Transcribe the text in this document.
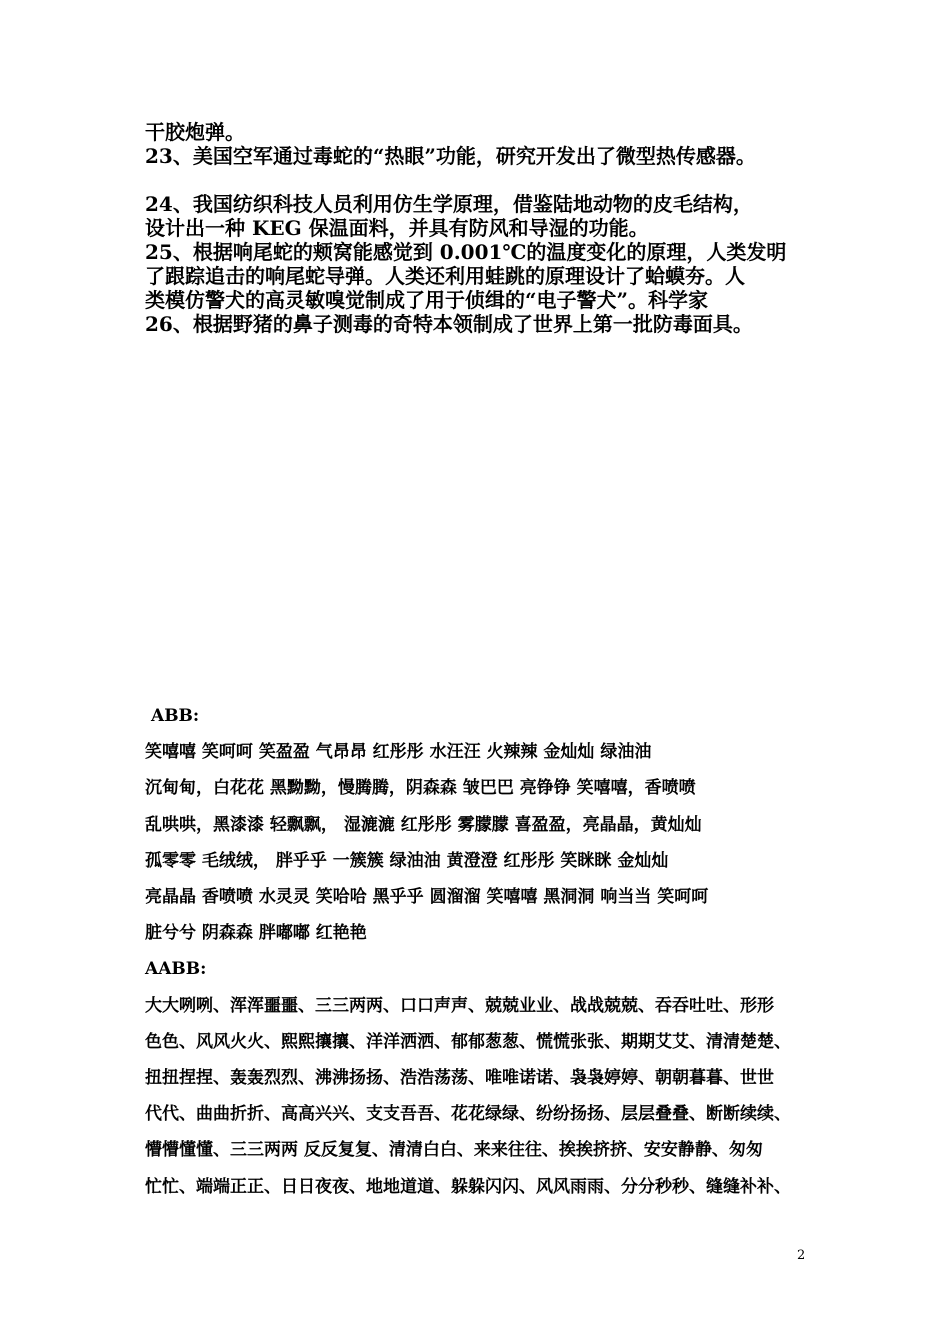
干胶炮弹。

23、美国空军通过毒蛇的“热眼”功能，研究开发出了微型热传感器。

24、我国纺织科技人员利用仿生学原理，借鉴陆地动物的皮毛结构，

设计出一种 KEG 保温面料，并具有防风和导湿的功能。

25、根据响尾蛇的颊窝能感觉到 0.001℃的温度变化的原理，人类发明

了跟踪追击的响尾蛇导弹。人类还利用蛙跳的原理设计了蛤蟆夯。人

类模仿警犬的高灵敏嗅觉制成了用于侦缉的“电子警犬”。科学家

26、根据野猪的鼻子测毒的奇特本领制成了世界上第一批防毒面具。

ABB:

笑嘻嘻 笑呵呵 笑盈盈 气昂昂 红彤彤 水汪汪 火辣辣 金灿灿 绿油油

沉甸甸，白花花 黑黝黝，慢腾腾，阴森森 皱巴巴 亮铮铮 笑嘻嘻，香喷喷

乱哄哄，黑漆漆 轻飘飘， 湿漉漉 红彤彤 雾朦朦 喜盈盈，亮晶晶，黄灿灿

孤零零 毛绒绒， 胖乎乎 一簇簇 绿油油 黄澄澄 红彤彤 笑眯眯 金灿灿

亮晶晶 香喷喷 水灵灵 笑哈哈 黑乎乎 圆溜溜 笑嘻嘻 黑洞洞 响当当 笑呵呵

脏兮兮 阴森森 胖嘟嘟 红艳艳

AABB:

大大咧咧、浑浑噩噩、三三两两、口口声声、兢兢业业、战战兢兢、吞吞吐吐、形形

色色、风风火火、熙熙攘攘、洋洋洒洒、郁郁葱葱、慌慌张张、期期艾艾、清清楚楚、

扭扭捏捏、轰轰烈烈、沸沸扬扬、浩浩荡荡、唯唯诺诺、袅袅婷婷、朝朝暮暮、世世

代代、曲曲折折、高高兴兴、支支吾吾、花花绿绿、纷纷扬扬、层层叠叠、断断续续、

懵懵懂懂、三三两两 反反复复、清清白白、来来往往、挨挨挤挤、安安静静、匆匆

忙忙、端端正正、日日夜夜、地地道道、躲躲闪闪、风风雨雨、分分秒秒、缝缝补补、

2
